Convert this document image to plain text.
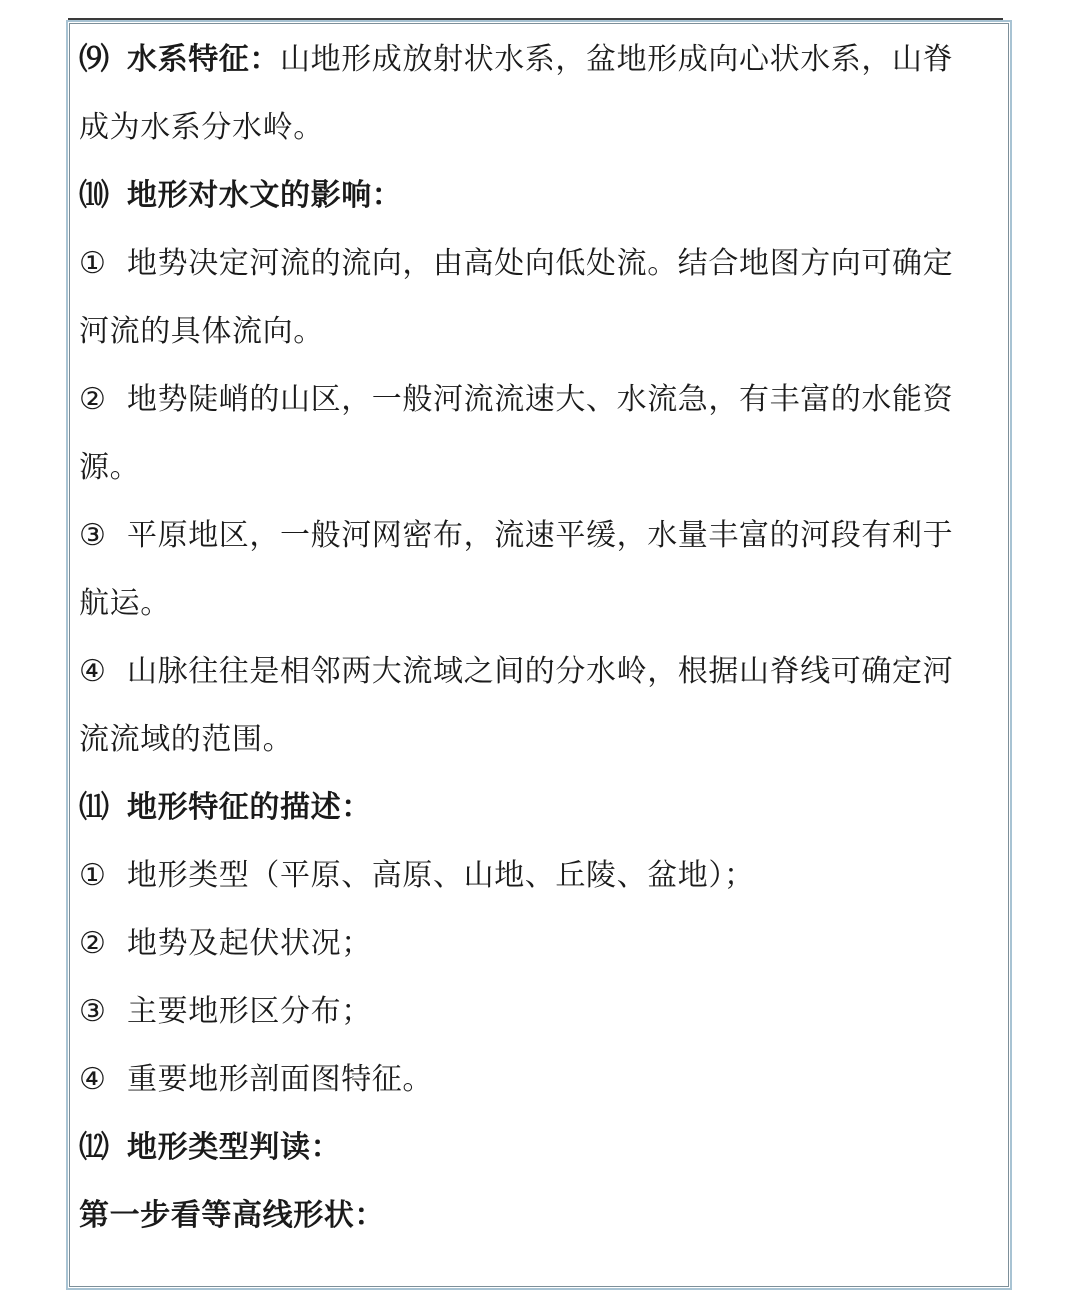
⑼ 水系特征：山地形成放射状水系，盆地形成向心状水系，山脊
成为水系分水岭。
⑽ 地形对水文的影响：
① 地势决定河流的流向，由高处向低处流。结合地图方向可确定
河流的具体流向。
② 地势陡峭的山区，一般河流流速大、水流急，有丰富的水能资
源。
③ 平原地区，一般河网密布，流速平缓，水量丰富的河段有利于
航运。
④ 山脉往往是相邻两大流域之间的分水岭，根据山脊线可确定河
流流域的范围。
⑾ 地形特征的描述：
① 地形类型（平原、高原、山地、丘陵、盆地）；
② 地势及起伏状况；
③ 主要地形区分布；
④ 重要地形剖面图特征。
⑿ 地形类型判读：
第一步看等高线形状：
